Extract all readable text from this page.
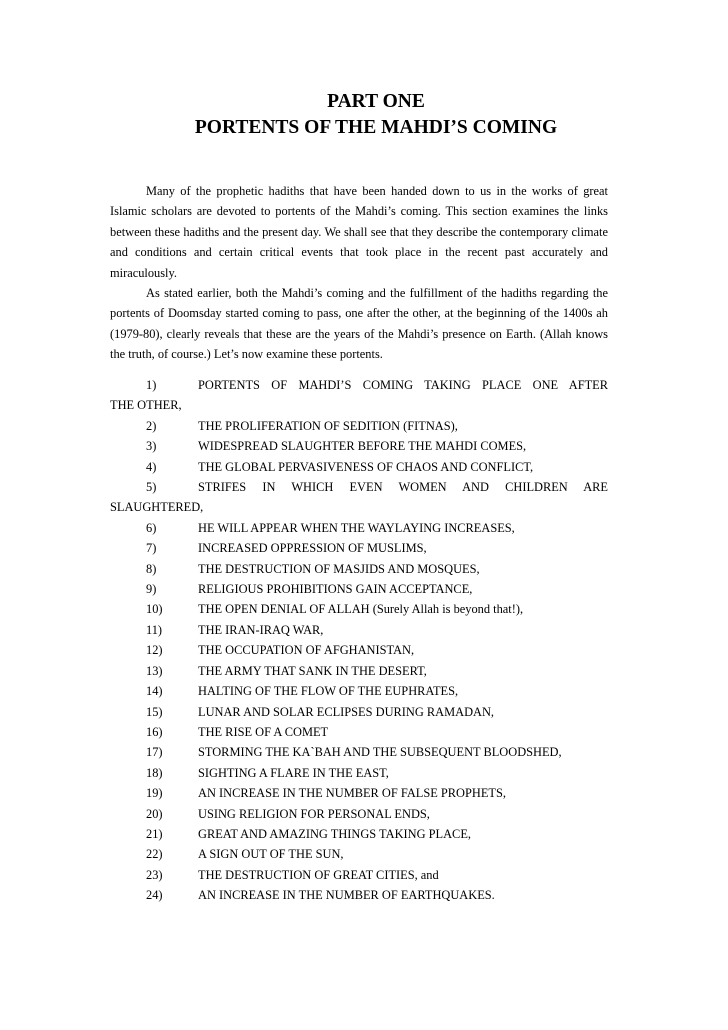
PART ONE
PORTENTS OF THE MAHDI’S COMING

Many of the prophetic hadiths that have been handed down to us in the works of great Islamic scholars are devoted to portents of the Mahdi’s coming. This section examines the links between these hadiths and the present day. We shall see that they describe the contemporary climate and conditions and certain critical events that took place in the recent past accurately and miraculously.

As stated earlier, both the Mahdi’s coming and the fulfillment of the hadiths regarding the portents of Doomsday started coming to pass, one after the other, at the beginning of the 1400s ah (1979-80), clearly reveals that these are the years of the Mahdi’s presence on Earth. (Allah knows the truth, of course.) Let’s now examine these portents.

1)	PORTENTS OF MAHDI’S COMING TAKING PLACE ONE AFTER
THE OTHER,
2)	THE PROLIFERATION OF SEDITION (FITNAS),
3)	WIDESPREAD SLAUGHTER BEFORE THE MAHDI COMES,
4)	THE GLOBAL PERVASIVENESS OF CHAOS AND CONFLICT,
5)	STRIFES IN WHICH EVEN WOMEN AND CHILDREN ARE
SLAUGHTERED,
6)	HE WILL APPEAR WHEN THE WAYLAYING INCREASES,
7)	INCREASED OPPRESSION OF MUSLIMS,
8)	THE DESTRUCTION OF MASJIDS AND MOSQUES,
9)	RELIGIOUS PROHIBITIONS GAIN ACCEPTANCE,
10)	THE OPEN DENIAL OF ALLAH (Surely Allah is beyond that!),
11)	THE IRAN-IRAQ WAR,
12)	THE OCCUPATION OF AFGHANISTAN,
13)	THE ARMY THAT SANK IN THE DESERT,
14)	HALTING OF THE FLOW OF THE EUPHRATES,
15)	LUNAR AND SOLAR ECLIPSES DURING RAMADAN,
16)	THE RISE OF A COMET
17)	STORMING THE KA`BAH AND THE SUBSEQUENT BLOODSHED,
18)	SIGHTING A FLARE IN THE EAST,
19)	AN INCREASE IN THE NUMBER OF FALSE PROPHETS,
20)	USING RELIGION FOR PERSONAL ENDS,
21)	GREAT AND AMAZING THINGS TAKING PLACE,
22)	A SIGN OUT OF THE SUN,
23)	THE DESTRUCTION OF GREAT CITIES, and
24)	AN INCREASE IN THE NUMBER OF EARTHQUAKES.
